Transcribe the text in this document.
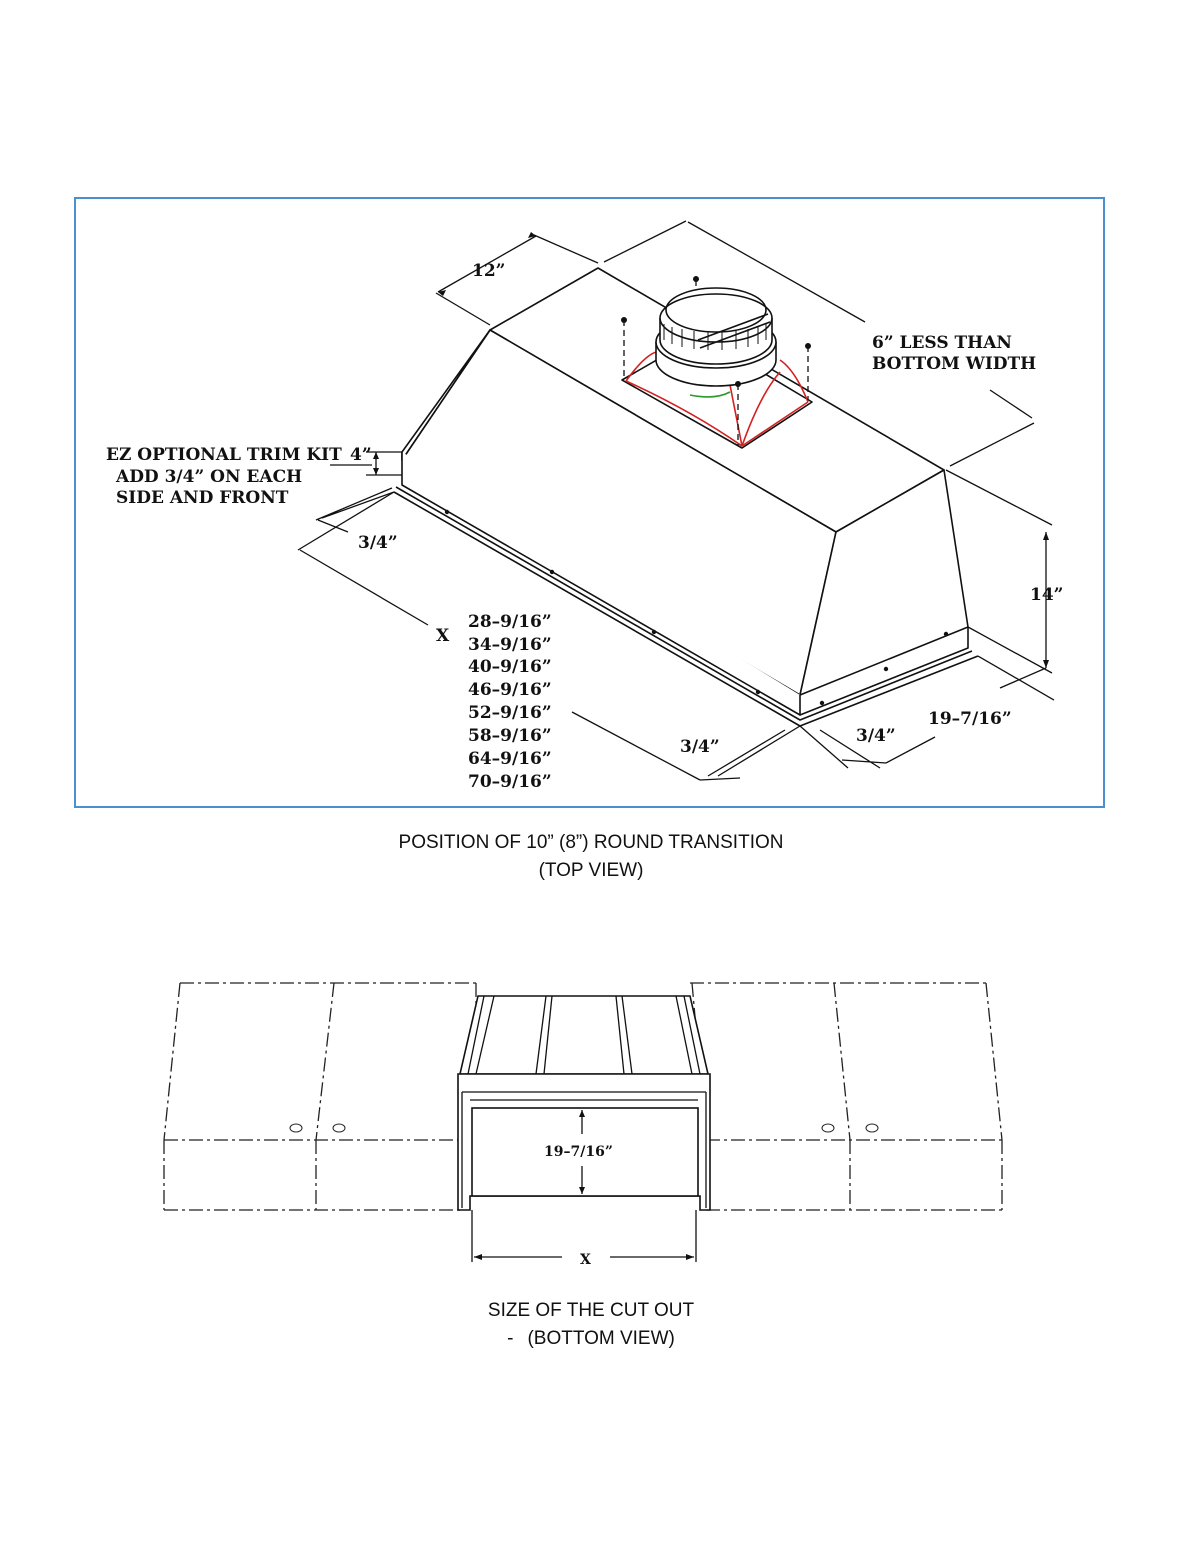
12”
6” LESS THAN
BOTTOM WIDTH
EZ OPTIONAL TRIM KIT
ADD 3/4” ON EACH
SIDE AND FRONT
4”
3/4”
14”
X
3/4”
3/4”
19–7/16”
28–9/16”
34–9/16”
40–9/16”
46–9/16”
52–9/16”
58–9/16”
64–9/16”
70–9/16”
POSITION OF 10” (8”) ROUND TRANSITION
(TOP VIEW)
19–7/16”
X
SIZE OF THE CUT OUT
- (BOTTOM VIEW)
